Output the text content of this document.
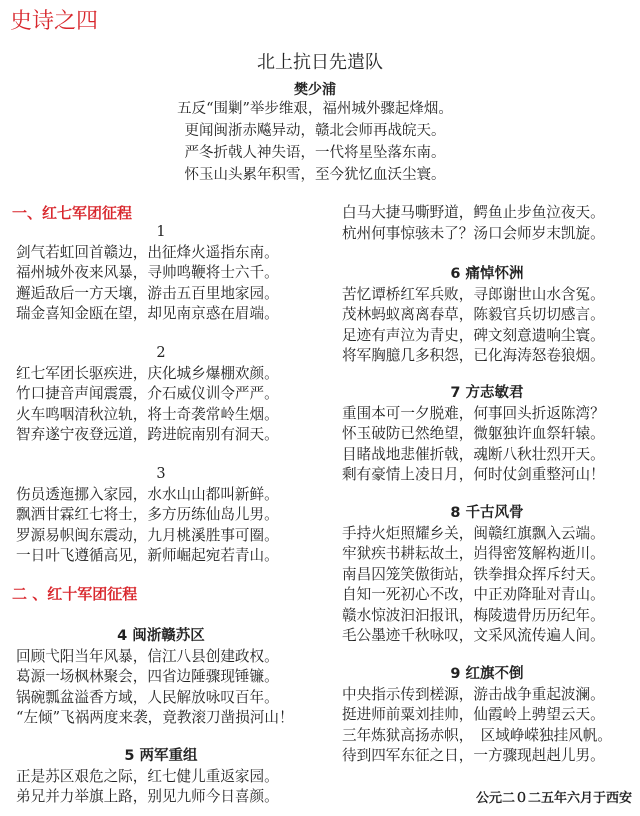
史诗之四
北上抗日先遣队
樊少浦
五反“围剿”举步维艰，福州城外骤起烽烟。
更闻闽浙赤飚异动，赣北会师再战皖天。
严冬折戟人神失语，一代将星坠落东南。
怀玉山头累年积雪，至今犹忆血沃尘寰。
一、红七军团征程
二 、红十军团征程
1
剑气若虹回首赣边，出征烽火遥指东南。
福州城外夜来风暴，寻帅鸣鞭将士六千。
邂逅敌后一方天壤，游击五百里地家园。
瑞金喜知金瓯在望，却见南京惑在眉端。
2
红七军团长驱疾进，庆化城乡爆棚欢颜。
竹口捷音声闻震震，介石威仪训令严严。
火车鸣咽清秋泣轨，将士奇袭常岭生烟。
智弃遂宁夜登远道，跨进皖南别有洞天。
3
伤员透迤挪入家园，水水山山都叫新鲜。
飘洒甘霖红七将士，多方历练仙岛儿男。
罗源易帜闽东震动，九月桃溪胜事可圈。
一日叶飞遵循高见，新师崛起宛若青山。
4 闽浙赣苏区
回顾弋阳当年风暴，信江八县创建政权。
葛源一场枫林聚会，四省边陲骤现锤镰。
锅碗瓢盆溢香方域，人民解放咏叹百年。
“左倾”飞祸两度来袭，竟教滚刀凿损河山！
5 两军重组
正是苏区艰危之际，红七健儿重返家园。
弟兄并力举旗上路，别见九师今日喜颜。
白马大捷马嘶野道，鳄鱼止步鱼泣夜天。
杭州何事惊骇未了？汤口会师岁末凯旋。
6 痛悼怀洲
苦忆谭桥红军兵败，寻郎谢世山水含冤。
茂林蚂蚁离离春草，陈毅官兵切切感言。
足迹有声泣为青史，碑文刻意遗响尘寰。
将军胸臆几多积怨，已化海涛怒卷狼烟。
7 方志敏君
重围本可一夕脱难，何事回头折返陈湾？
怀玉破防已然绝望，微躯独许血祭轩辕。
目睹战地悲催折戟，魂断八秋壮烈开天。
剩有豪情上凌日月，何时仗剑重整河山！
8 千古风骨
手持火炬照耀乡关，闽赣红旗飘入云端。
牢狱疾书耕耘故土，岿得密笈解构逝川。
南昌囚笼笑傲街站，铁拳揖众挥斥纣天。
自知一死初心不改，中正劝降耻对青山。
赣水惊波汩汩报讯，梅陵遗骨历历纪年。
毛公墨迹千秋咏叹，文采风流传遍人间。
9 红旗不倒
中央指示传到槎源，游击战争重起波澜。
挺进师前粟刘挂帅，仙霞岭上骋望云天。
三年炼狱高扬赤帜，　区域峥嵘独挂风帆。
待到四军东征之日，一方骤现赳赳儿男。
公元二０二五年六月于西安
